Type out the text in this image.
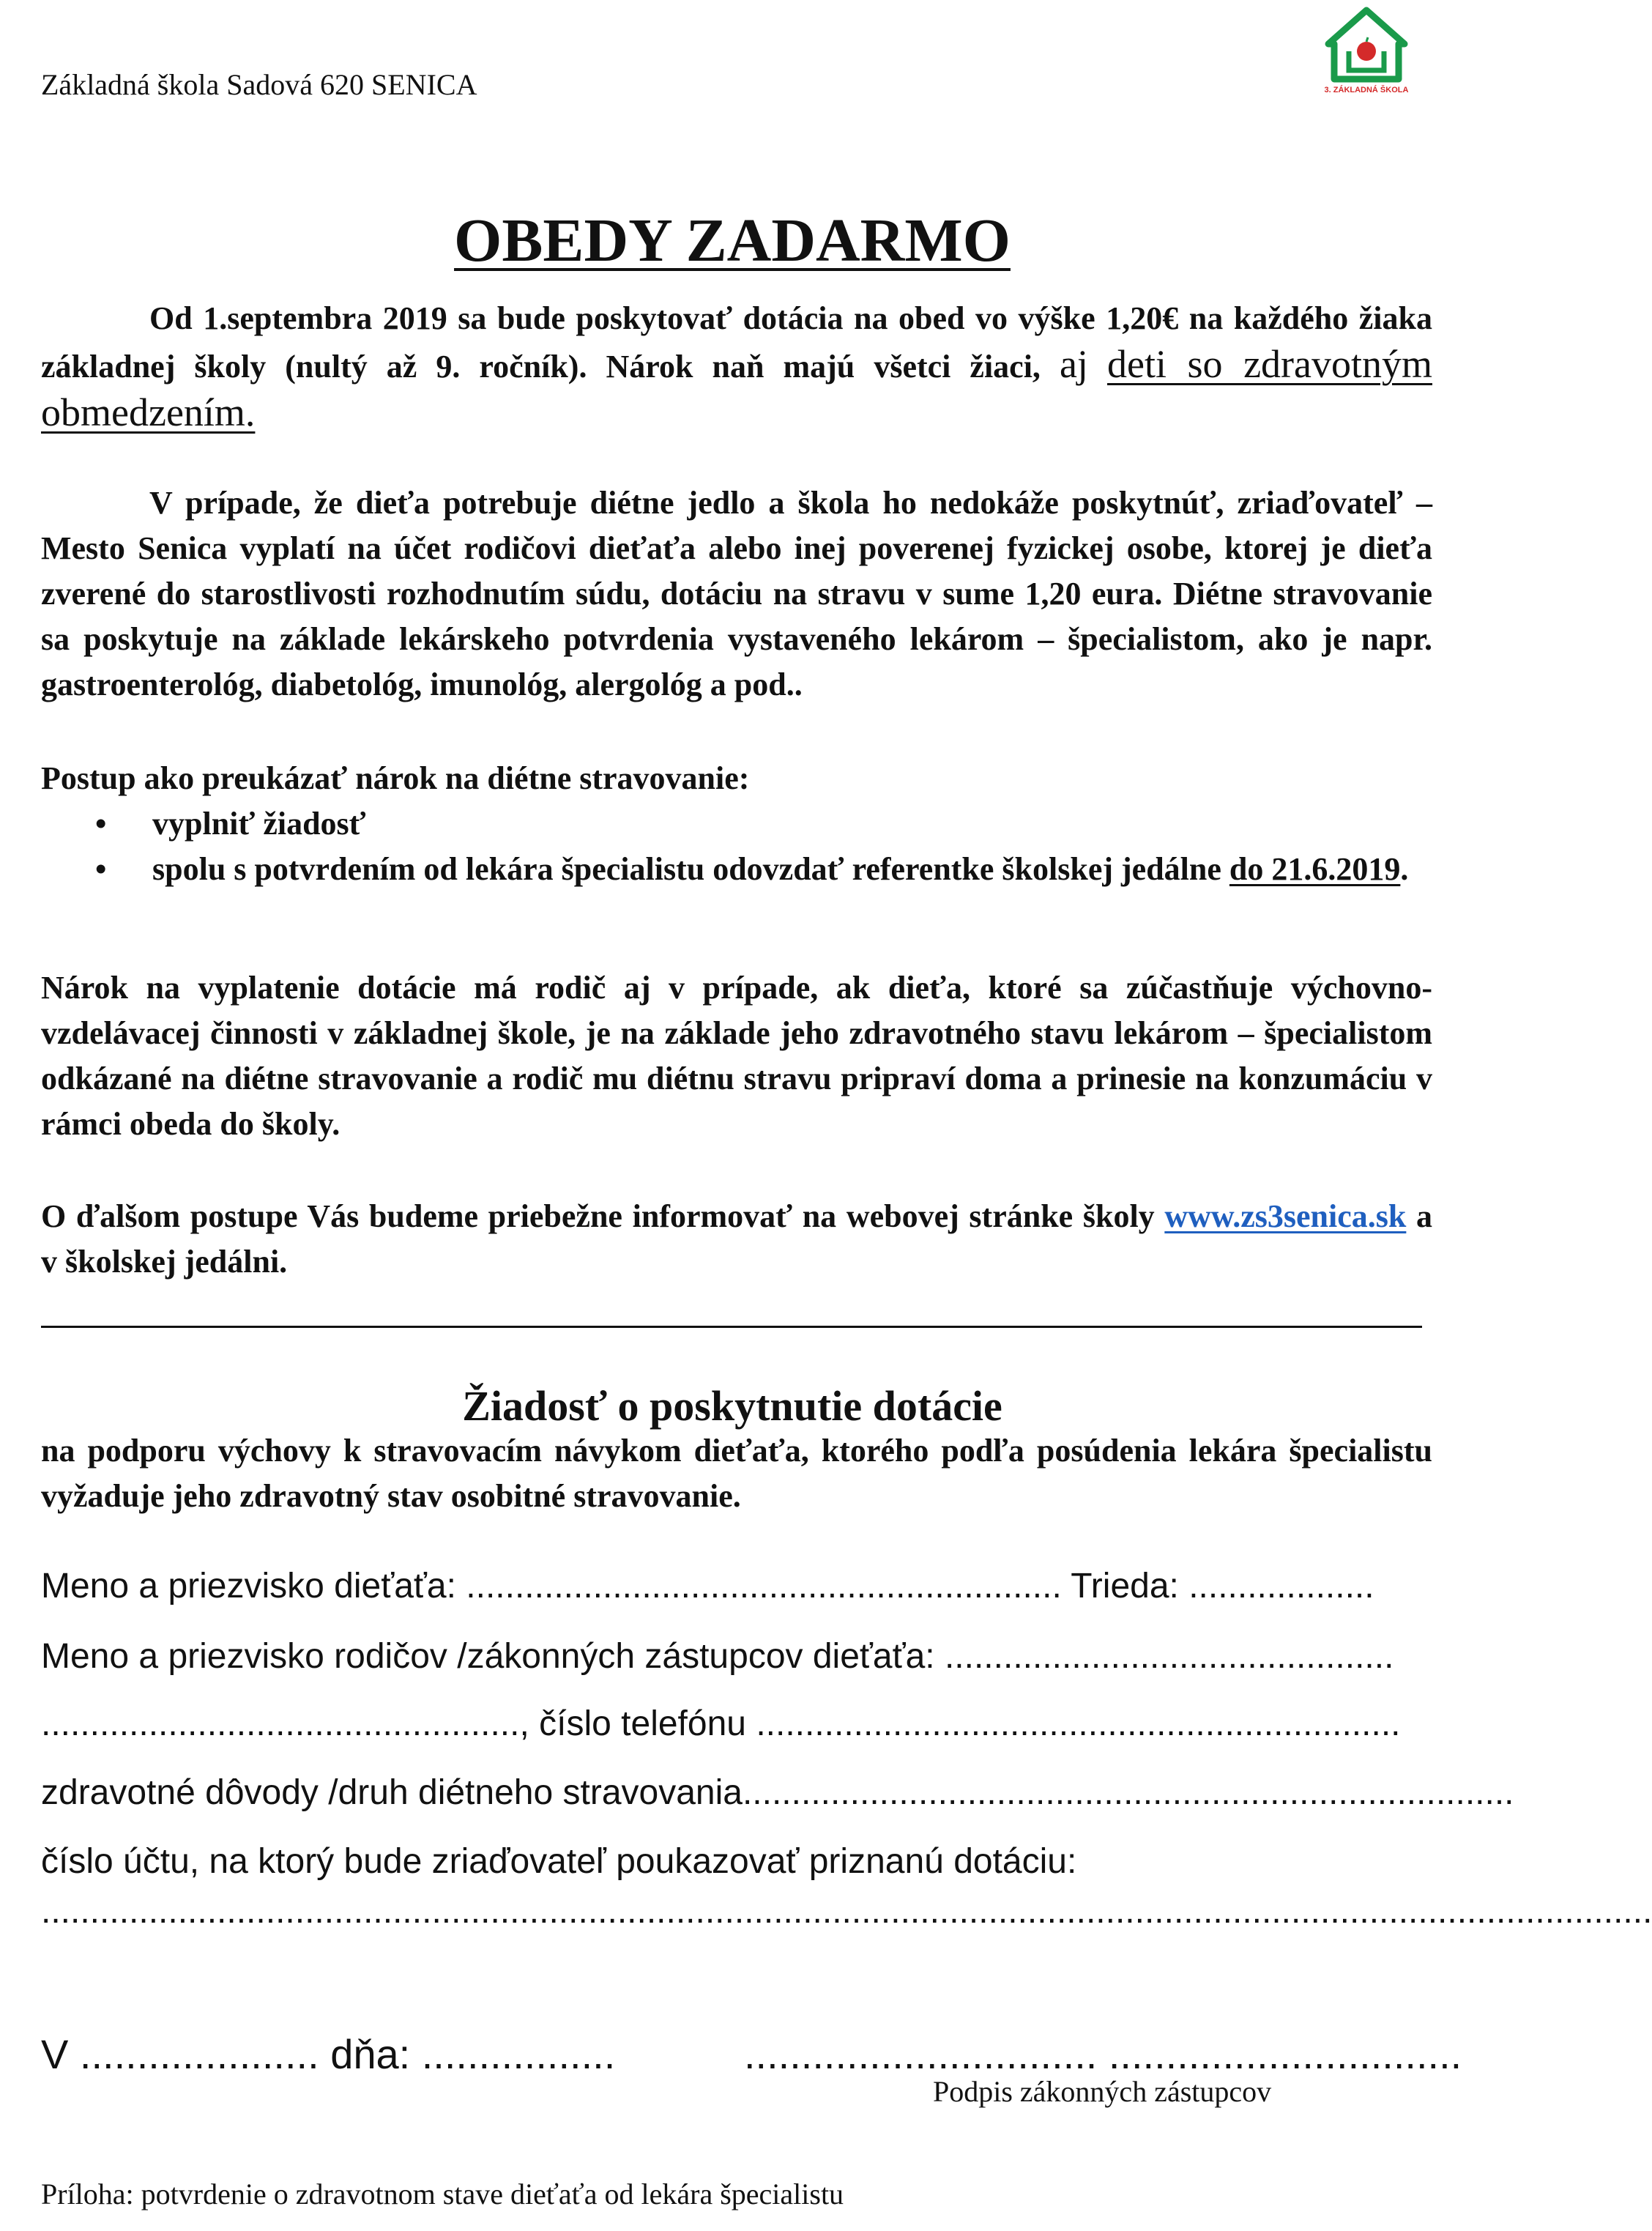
Základná škola Sadová 620 SENICA	3. ZÁKLADNÁ ŠKOLA
OBEDY ZADARMO
Od 1.septembra 2019 sa bude poskytovať dotácia na obed vo výške 1,20€ na každého žiaka základnej školy (nultý až 9. ročník). Nárok naň majú všetci žiaci, aj deti so zdravotným obmedzením.
V prípade, že dieťa potrebuje diétne jedlo a škola ho nedokáže poskytnúť, zriaďovateľ – Mesto Senica vyplatí na účet rodičovi dieťaťa alebo inej poverenej fyzickej osobe, ktorej je dieťa zverené do starostlivosti rozhodnutím súdu, dotáciu na stravu v sume 1,20 eura. Diétne stravovanie sa poskytuje na základe lekárskeho potvrdenia vystaveného lekárom – špecialistom, ako je napr. gastroenterológ, diabetológ, imunológ, alergológ a pod..
Postup ako preukázať nárok na diétne stravovanie:
• vyplniť žiadosť
• spolu s potvrdením od lekára špecialistu odovzdať referentke školskej jedálne do 21.6.2019.
Nárok na vyplatenie dotácie má rodič aj v prípade, ak dieťa, ktoré sa zúčastňuje výchovno-vzdelávacej činnosti v základnej škole, je na základe jeho zdravotného stavu lekárom – špecialistom odkázané na diétne stravovanie a rodič mu diétnu stravu pripraví doma a prinesie na konzumáciu v rámci obeda do školy.
O ďalšom postupe Vás budeme priebežne informovať na webovej stránke školy www.zs3senica.sk a v školskej jedálni.
Žiadosť o poskytnutie dotácie
na podporu výchovy k stravovacím návykom dieťaťa, ktorého podľa posúdenia lekára špecialistu vyžaduje jeho zdravotný stav osobitné stravovanie.
Meno a priezvisko dieťaťa: ............................................................. Trieda: ...................
Meno a priezvisko rodičov /zákonných zástupcov dieťaťa: ..............................................
................................................., číslo telefónu ..................................................................
zdravotné dôvody /druh diétneho stravovania...............................................................................
číslo účtu, na ktorý bude zriaďovateľ poukazovať priznanú dotáciu:
.....................................................................................................................................................................
V ..................... dňa: .................	............................... ...............................
Podpis zákonných zástupcov
Príloha: potvrdenie o zdravotnom stave dieťaťa od lekára špecialistu
